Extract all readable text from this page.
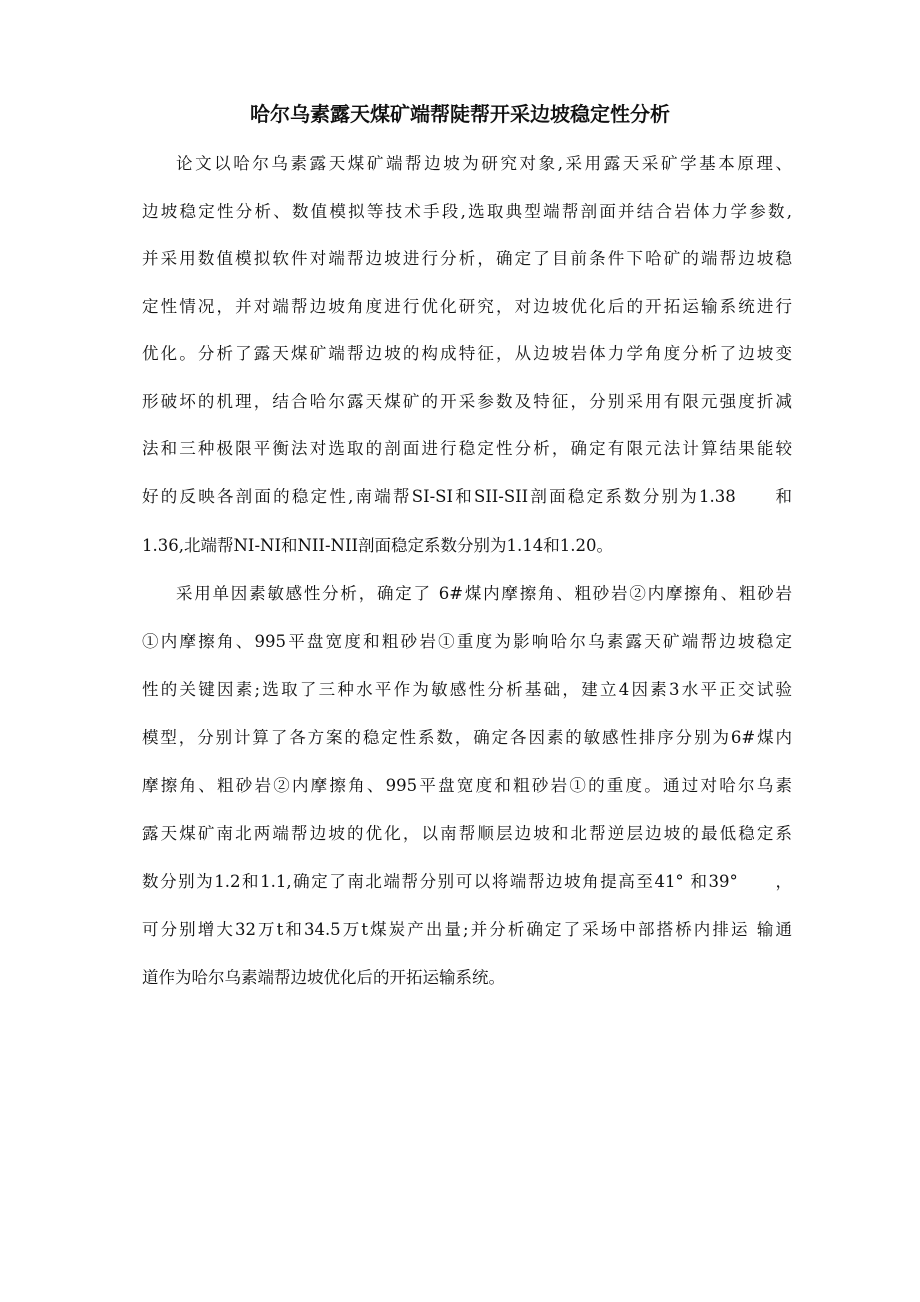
哈尔乌素露天煤矿端帮陡帮开采边坡稳定性分析

论文以哈尔乌素露天煤矿端帮边坡为研究对象,采用露天采矿学基本原理、

边坡稳定性分析、数值模拟等技术手段,选取典型端帮剖面并结合岩体力学参数,

并采用数值模拟软件对端帮边坡进行分析，确定了目前条件下哈矿的端帮边坡稳

定性情况，并对端帮边坡角度进行优化研究，对边坡优化后的开拓运输系统进行

优化。分析了露天煤矿端帮边坡的构成特征，从边坡岩体力学角度分析了边坡变

形破坏的机理，结合哈尔露天煤矿的开采参数及特征，分别采用有限元强度折减

法和三种极限平衡法对选取的剖面进行稳定性分析，确定有限元法计算结果能较

好的反映各剖面的稳定性,南端帮SI-SI和SII-SII剖面稳定系数分别为1.38　　和

1.36,北端帮NI-NI和NII-NII剖面稳定系数分别为1.14和1.20。

采用单因素敏感性分析，确定了 6#煤内摩擦角、粗砂岩②内摩擦角、粗砂岩

①内摩擦角、995平盘宽度和粗砂岩①重度为影响哈尔乌素露天矿端帮边坡稳定

性的关键因素;选取了三种水平作为敏感性分析基础，建立4因素3水平正交试验

模型，分别计算了各方案的稳定性系数，确定各因素的敏感性排序分别为6#煤内

摩擦角、粗砂岩②内摩擦角、995平盘宽度和粗砂岩①的重度。通过对哈尔乌素

露天煤矿南北两端帮边坡的优化，以南帮顺层边坡和北帮逆层边坡的最低稳定系

数分别为1.2和1.1,确定了南北端帮分别可以将端帮边坡角提高至41° 和39°　　，

可分别增大32万t和34.5万t煤炭产出量;并分析确定了采场中部搭桥内排运 输通

道作为哈尔乌素端帮边坡优化后的开拓运输系统。
